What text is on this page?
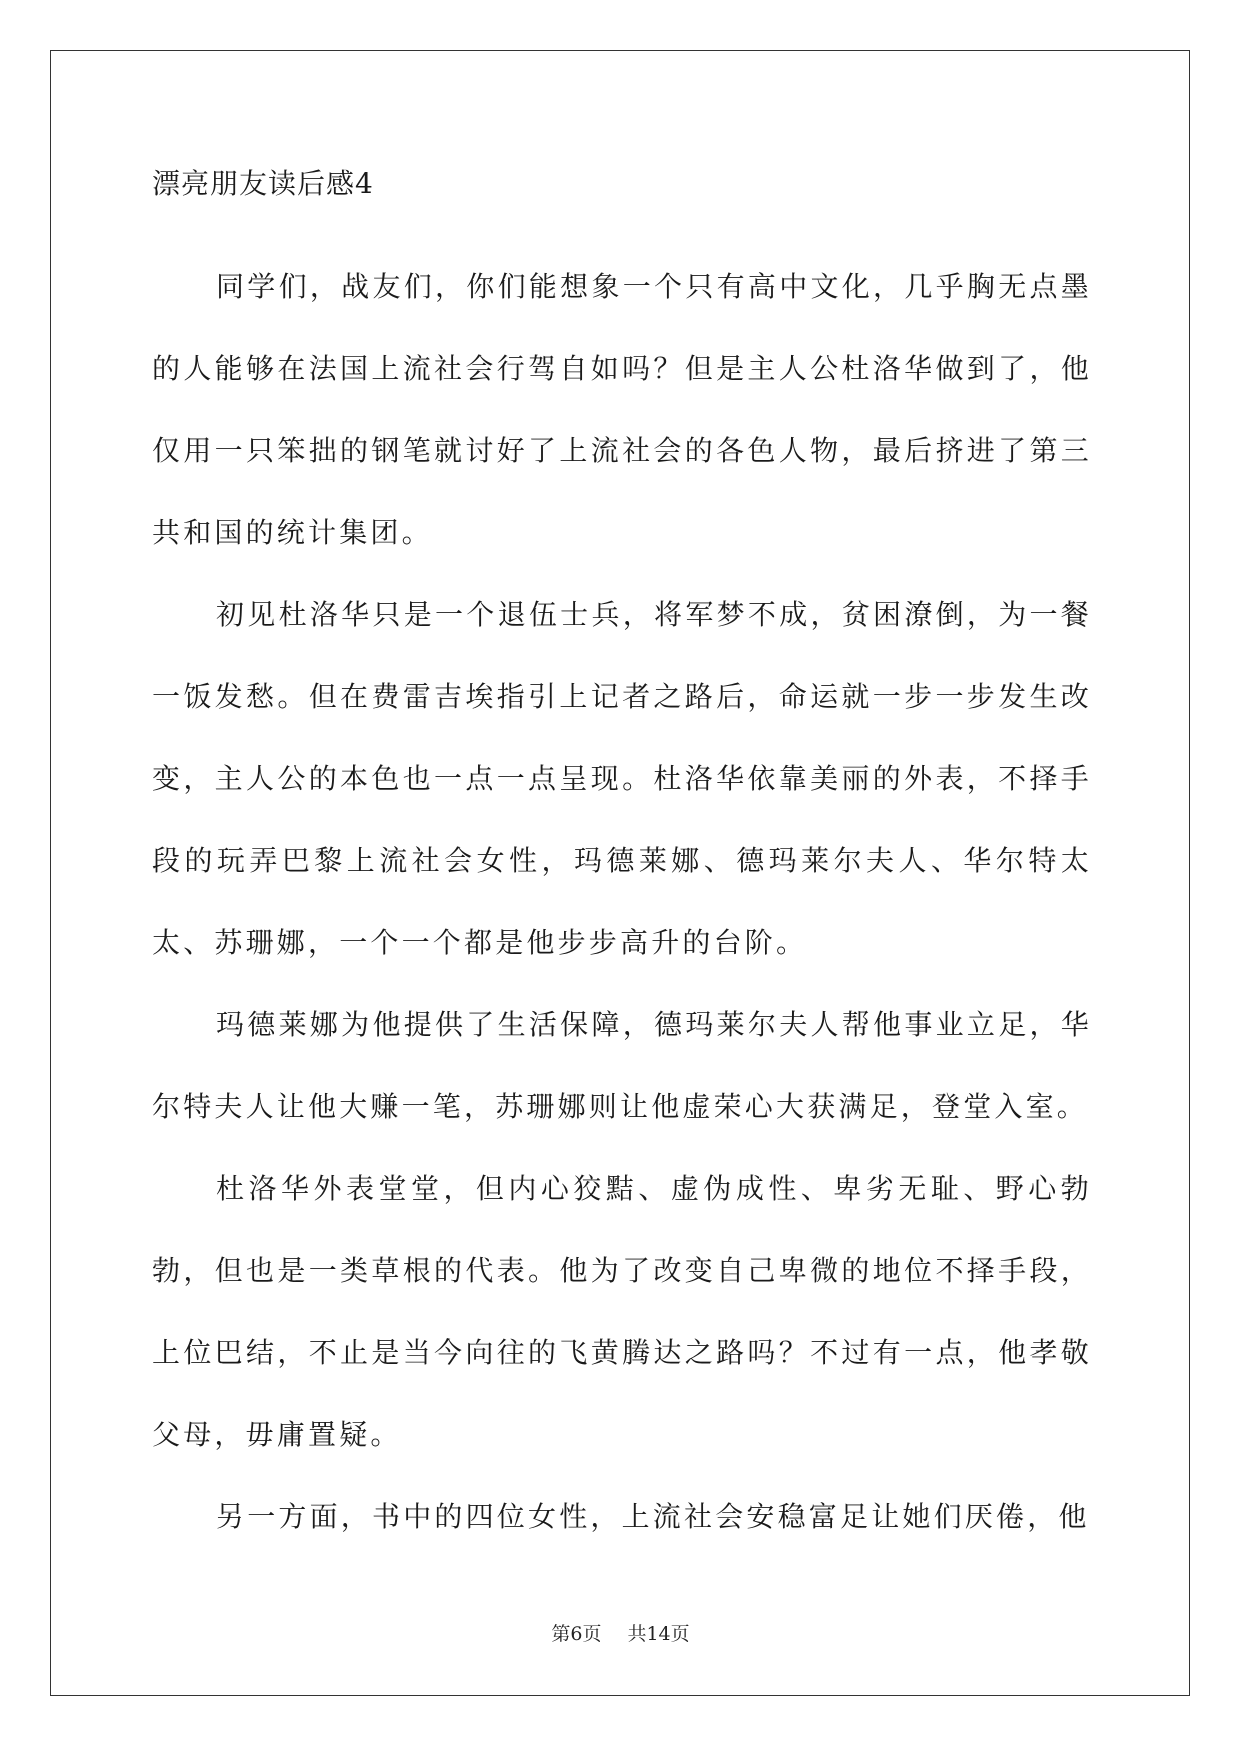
漂亮朋友读后感4

同学们，战友们，你们能想象一个只有高中文化，几乎胸无点墨的人能够在法国上流社会行驾自如吗？但是主人公杜洛华做到了，他仅用一只笨拙的钢笔就讨好了上流社会的各色人物，最后挤进了第三共和国的统计集团。

初见杜洛华只是一个退伍士兵，将军梦不成，贫困潦倒，为一餐一饭发愁。但在费雷吉埃指引上记者之路后，命运就一步一步发生改变，主人公的本色也一点一点呈现。杜洛华依靠美丽的外表，不择手段的玩弄巴黎上流社会女性，玛德莱娜、德玛莱尔夫人、华尔特太太、苏珊娜，一个一个都是他步步高升的台阶。

玛德莱娜为他提供了生活保障，德玛莱尔夫人帮他事业立足，华尔特夫人让他大赚一笔，苏珊娜则让他虚荣心大获满足，登堂入室。

杜洛华外表堂堂，但内心狡黠、虚伪成性、卑劣无耻、野心勃勃，但也是一类草根的代表。他为了改变自己卑微的地位不择手段，上位巴结，不止是当今向往的飞黄腾达之路吗？不过有一点，他孝敬父母，毋庸置疑。

另一方面，书中的四位女性，上流社会安稳富足让她们厌倦，他

第6页 共14页
